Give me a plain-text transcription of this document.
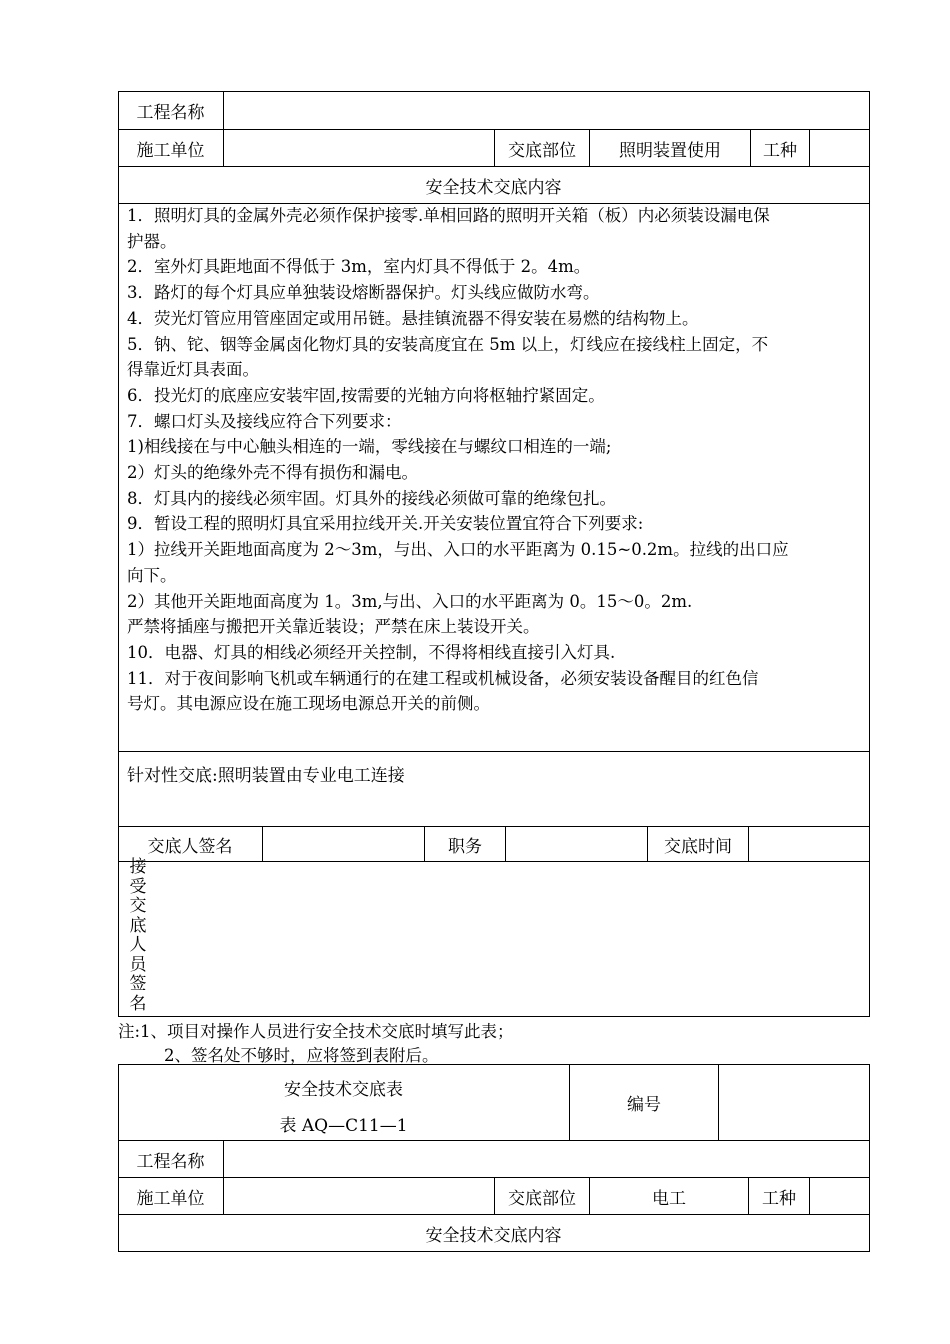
工程名称
施工单位	交底部位	照明装置使用	工种
安全技术交底内容
1．照明灯具的金属外壳必须作保护接零.单相回路的照明开关箱（板）内必须装设漏电保
护器。
2．室外灯具距地面不得低于 3m，室内灯具不得低于 2。4m。
3．路灯的每个灯具应单独装设熔断器保护。灯头线应做防水弯。
4．荧光灯管应用管座固定或用吊链。悬挂镇流器不得安装在易燃的结构物上。
5．钠、铊、铟等金属卤化物灯具的安装高度宜在 5m 以上，灯线应在接线柱上固定，不
得靠近灯具表面。
6．投光灯的底座应安装牢固,按需要的光轴方向将枢轴拧紧固定。
7．螺口灯头及接线应符合下列要求：
1)相线接在与中心触头相连的一端，零线接在与螺纹口相连的一端;
2）灯头的绝缘外壳不得有损伤和漏电。
8．灯具内的接线必须牢固。灯具外的接线必须做可靠的绝缘包扎。
9．暂设工程的照明灯具宜采用拉线开关.开关安装位置宜符合下列要求:
1）拉线开关距地面高度为 2～3m，与出、入口的水平距离为 0.15~0.2m。拉线的出口应
向下。
2）其他开关距地面高度为 1。3m,与出、入口的水平距离为 0。15～0。2m.
严禁将插座与搬把开关靠近装设；严禁在床上装设开关。
10．电器、灯具的相线必须经开关控制，不得将相线直接引入灯具.
11．对于夜间影响飞机或车辆通行的在建工程或机械设备，必须安装设备醒目的红色信
号灯。其电源应设在施工现场电源总开关的前侧。
针对性交底:照明装置由专业电工连接
交底人签名	职务	交底时间
接
受
交
底
人
员
签
名
注:1、项目对操作人员进行安全技术交底时填写此表；
2、签名处不够时，应将签到表附后。
安全技术交底表
表 AQ—C11—1
编号
工程名称
施工单位	交底部位	电工	工种
安全技术交底内容
